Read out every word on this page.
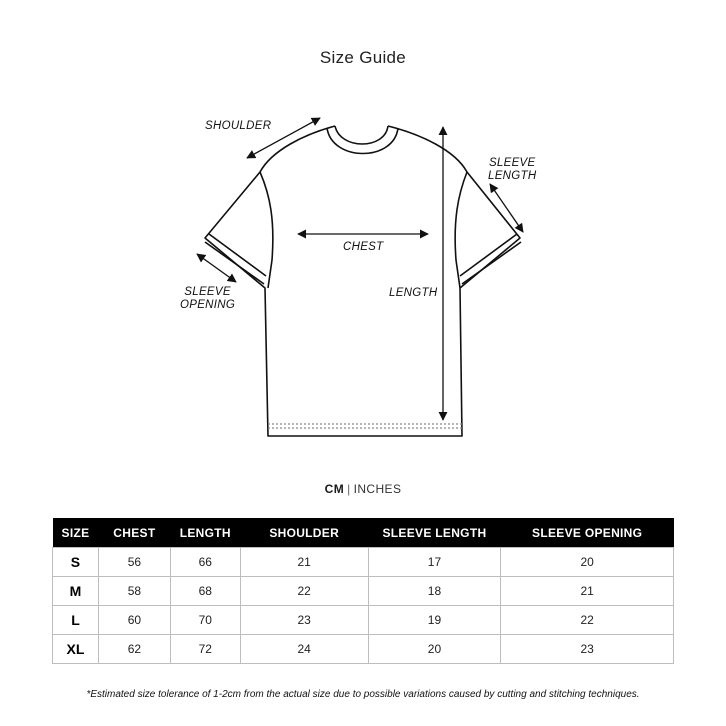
Size Guide
SHOULDER
SLEEVE
LENGTH
CHEST
LENGTH
SLEEVE
OPENING
CM | INCHES
SIZE	CHEST	LENGTH	SHOULDER	SLEEVE LENGTH	SLEEVE OPENING
S	56	66	21	17	20
M	58	68	22	18	21
L	60	70	23	19	22
XL	62	72	24	20	23
*Estimated size tolerance of 1-2cm from the actual size due to possible variations caused by cutting and stitching techniques.
